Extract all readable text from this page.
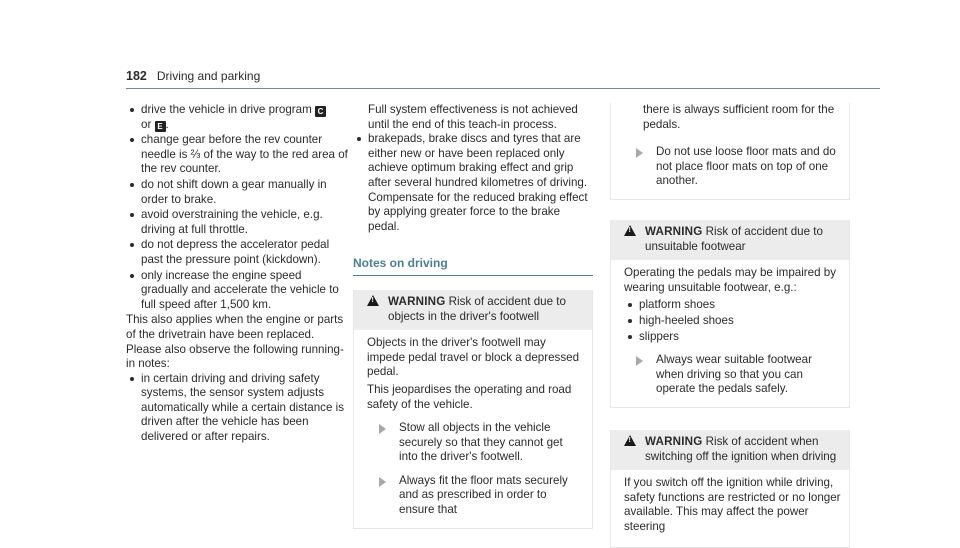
182 Driving and parking
drive the vehicle in drive program C
or E .
change gear before the rev counter needle is ⅔ of the way to the red area of the rev counter.
do not shift down a gear manually in order to brake.
avoid overstraining the vehicle, e.g. driving at full throttle.
do not depress the accelerator pedal past the pressure point (kickdown).
only increase the engine speed gradually and accelerate the vehicle to full speed after 1,500 km.

This also applies when the engine or parts of the drivetrain have been replaced.

Please also observe the following running-in notes:

in certain driving and driving safety systems, the sensor system adjusts automatically while a certain distance is driven after the vehicle has been delivered or after repairs.

Full system effectiveness is not achieved until the end of this teach-in process.

brakepads, brake discs and tyres that are either new or have been replaced only achieve optimum braking effect and grip after several hundred kilometres of driving. Compensate for the reduced braking effect by applying greater force to the brake pedal.
Notes on driving
!
WARNING Risk of accident due to objects in the driver's footwell

Objects in the driver's footwell may impede pedal travel or block a depressed pedal.

This jeopardises the operating and road safety of the vehicle.

Stow all objects in the vehicle securely so that they cannot get into the driver's footwell.
Always fit the floor mats securely and as prescribed in order to ensure that

there is always sufficient room for the pedals.

Do not use loose floor mats and do not place floor mats on top of one another.
!
WARNING Risk of accident due to unsuitable footwear

Operating the pedals may be impaired by wearing unsuitable footwear, e.g.:

platform shoes
high-heeled shoes
slippers
Always wear suitable footwear when driving so that you can operate the pedals safely.
!
WARNING Risk of accident when switching off the ignition when driving

If you switch off the ignition while driving, safety functions are restricted or no longer available. This may affect the power steering
